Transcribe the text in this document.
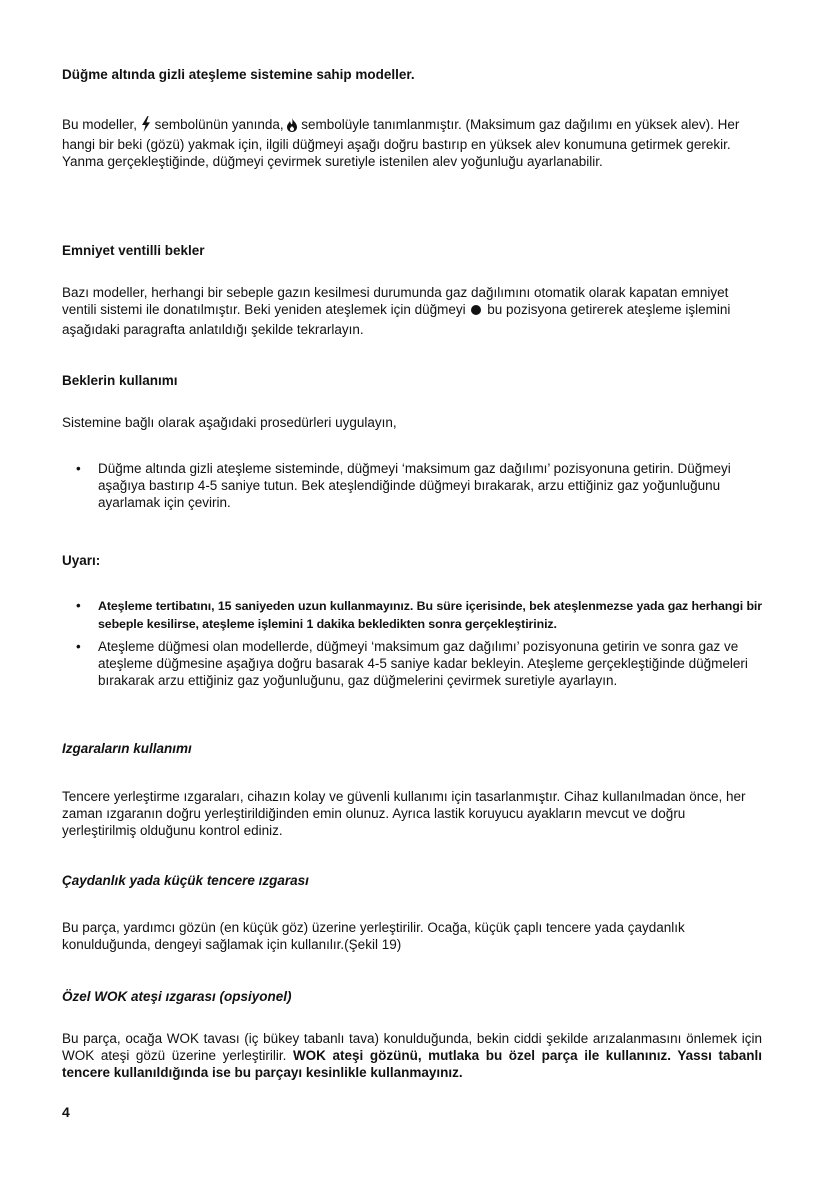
Düğme altında gizli ateşleme sistemine sahip modeller.

Bu modeller, sembolünün yanında, sembolüyle tanımlanmıştır. (Maksimum gaz dağılımı en yüksek alev). Her hangi bir beki (gözü) yakmak için, ilgili düğmeyi aşağı doğru bastırıp en yüksek alev konumuna getirmek gerekir. Yanma gerçekleştiğinde, düğmeyi çevirmek suretiyle istenilen alev yoğunluğu ayarlanabilir.

Emniyet ventilli bekler

Bazı modeller, herhangi bir sebeple gazın kesilmesi durumunda gaz dağılımını otomatik olarak kapatan emniyet ventili sistemi ile donatılmıştır. Beki yeniden ateşlemek için düğmeyi bu pozisyona getirerek ateşleme işlemini aşağıdaki paragrafta anlatıldığı şekilde tekrarlayın.

Beklerin kullanımı

Sistemine bağlı olarak aşağıdaki prosedürleri uygulayın,

• Düğme altında gizli ateşleme sisteminde, düğmeyi ‘maksimum gaz dağılımı’ pozisyonuna getirin. Düğmeyi aşağıya bastırıp 4-5 saniye tutun. Bek ateşlendiğinde düğmeyi bırakarak, arzu ettiğiniz gaz yoğunluğunu ayarlamak için çevirin.

Uyarı:

• Ateşleme tertibatını, 15 saniyeden uzun kullanmayınız. Bu süre içerisinde, bek ateşlenmezse yada gaz herhangi bir sebeple kesilirse, ateşleme işlemini 1 dakika bekledikten sonra gerçekleştiriniz.
• Ateşleme düğmesi olan modellerde, düğmeyi ‘maksimum gaz dağılımı’ pozisyonuna getirin ve sonra gaz ve ateşleme düğmesine aşağıya doğru basarak 4-5 saniye kadar bekleyin. Ateşleme gerçekleştiğinde düğmeleri bırakarak arzu ettiğiniz gaz yoğunluğunu, gaz düğmelerini çevirmek suretiyle ayarlayın.

Izgaraların kullanımı

Tencere yerleştirme ızgaraları, cihazın kolay ve güvenli kullanımı için tasarlanmıştır. Cihaz kullanılmadan önce, her zaman ızgaranın doğru yerleştirildiğinden emin olunuz. Ayrıca lastik koruyucu ayakların mevcut ve doğru yerleştirilmiş olduğunu kontrol ediniz.

Çaydanlık yada küçük tencere ızgarası

Bu parça, yardımcı gözün (en küçük göz) üzerine yerleştirilir. Ocağa, küçük çaplı tencere yada çaydanlık konulduğunda, dengeyi sağlamak için kullanılır.(Şekil 19)

Özel WOK ateşi ızgarası (opsiyonel)

Bu parça, ocağa WOK tavası (iç bükey tabanlı tava) konulduğunda, bekin ciddi şekilde arızalanmasını önlemek için WOK ateşi gözü üzerine yerleştirilir. WOK ateşi gözünü, mutlaka bu özel parça ile kullanınız. Yassı tabanlı tencere kullanıldığında ise bu parçayı kesinlikle kullanmayınız.

4
